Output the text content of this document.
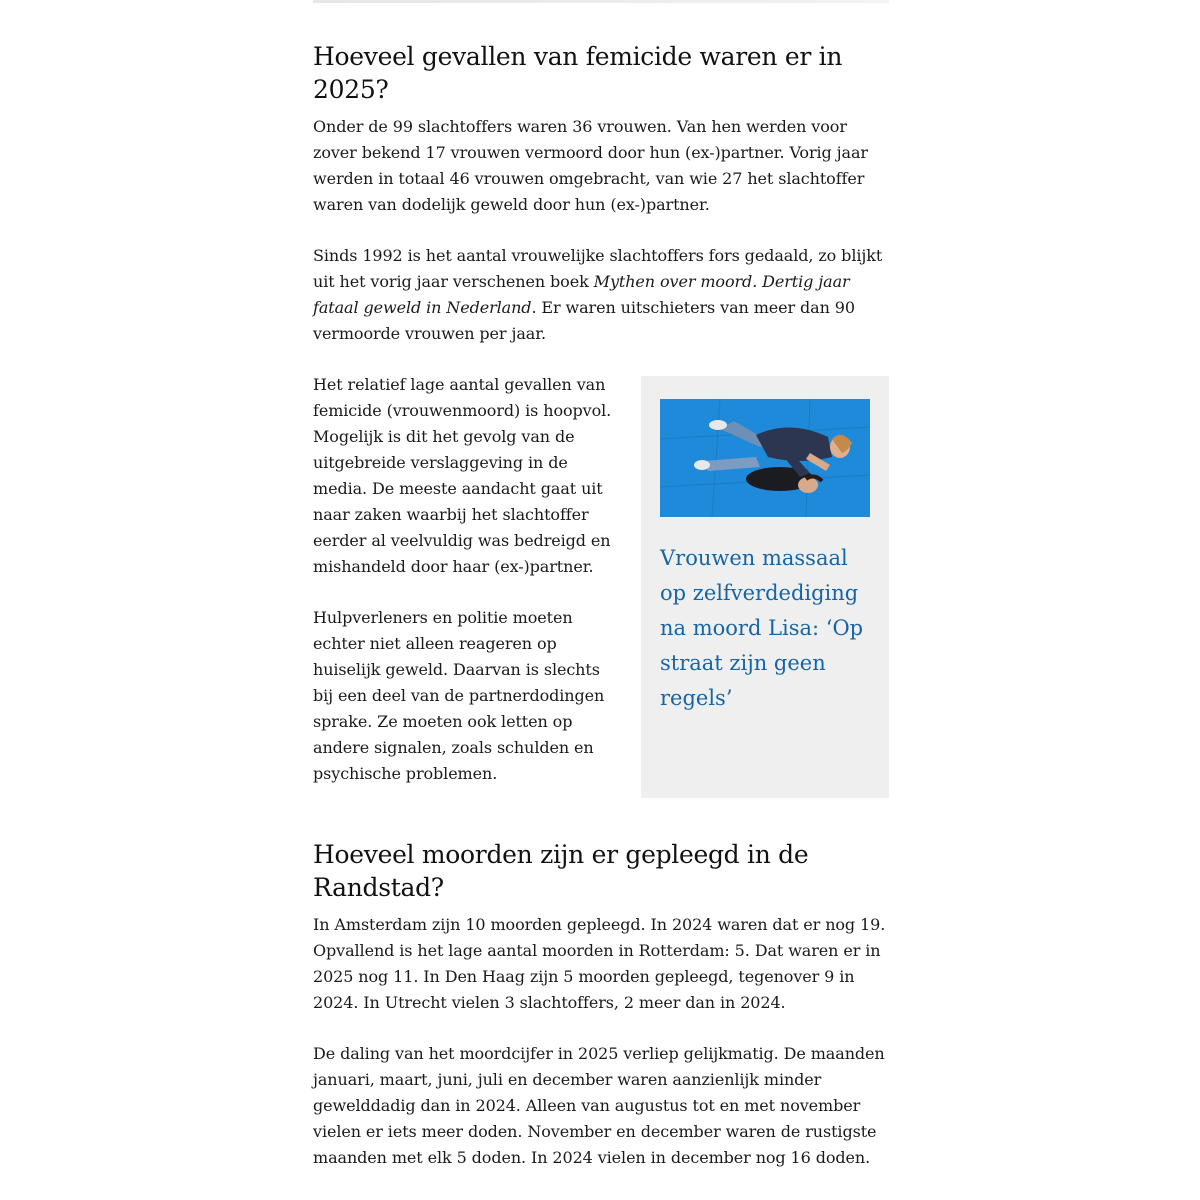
Hoeveel gevallen van femicide waren er in 2025?

Onder de 99 slachtoffers waren 36 vrouwen. Van hen werden voor zover bekend 17 vrouwen vermoord door hun (ex-)partner. Vorig jaar werden in totaal 46 vrouwen omgebracht, van wie 27 het slachtoffer waren van dodelijk geweld door hun (ex-)partner.

Sinds 1992 is het aantal vrouwelijke slachtoffers fors gedaald, zo blijkt uit het vorig jaar verschenen boek Mythen over moord. Dertig jaar fataal geweld in Nederland. Er waren uitschieters van meer dan 90 vermoorde vrouwen per jaar.

Vrouwen massaal op zelfverdediging na moord Lisa: ‘Op straat zijn geen regels’

Het relatief lage aantal gevallen van femicide (vrouwenmoord) is hoopvol. Mogelijk is dit het gevolg van de uitgebreide verslaggeving in de media. De meeste aandacht gaat uit naar zaken waarbij het slachtoffer eerder al veelvuldig was bedreigd en mishandeld door haar (ex-)partner.

Hulpverleners en politie moeten echter niet alleen reageren op huiselijk geweld. Daarvan is slechts bij een deel van de partnerdodingen sprake. Ze moeten ook letten op andere signalen, zoals schulden en psychische problemen.

Hoeveel moorden zijn er gepleegd in de Randstad?

In Amsterdam zijn 10 moorden gepleegd. In 2024 waren dat er nog 19. Opvallend is het lage aantal moorden in Rotterdam: 5. Dat waren er in 2025 nog 11. In Den Haag zijn 5 moorden gepleegd, tegenover 9 in 2024. In Utrecht vielen 3 slachtoffers, 2 meer dan in 2024.

De daling van het moordcijfer in 2025 verliep gelijkmatig. De maanden januari, maart, juni, juli en december waren aanzienlijk minder gewelddadig dan in 2024. Alleen van augustus tot en met november vielen er iets meer doden. November en december waren de rustigste maanden met elk 5 doden. In 2024 vielen in december nog 16 doden.
